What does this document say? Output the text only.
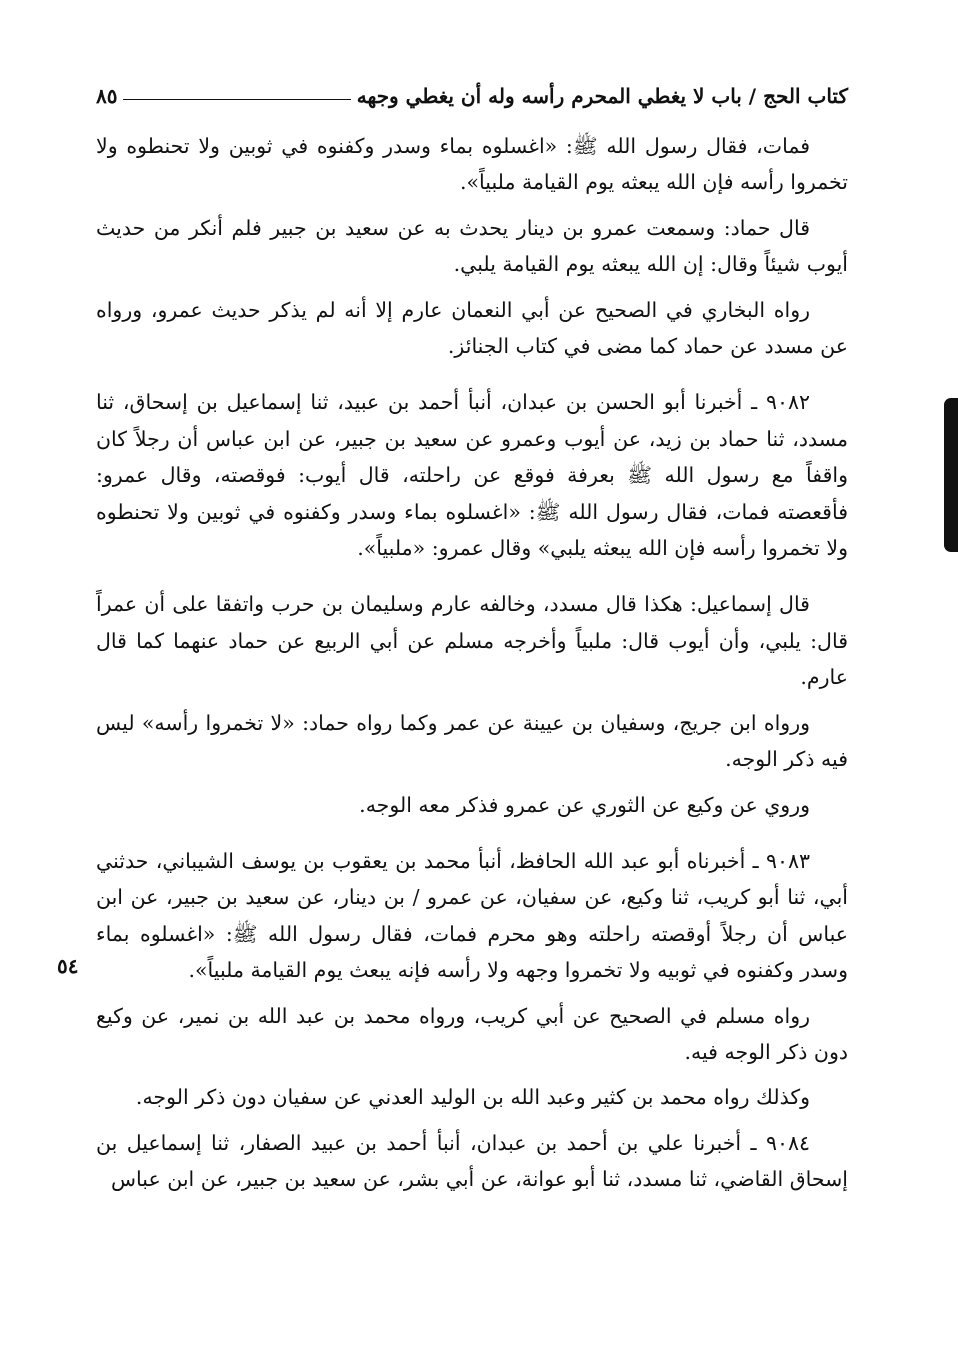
كتاب الحج / باب لا يغطي المحرم رأسه وله أن يغطي وجهه
٨٥
٥٤

فمات، فقال رسول الله ﷺ: «اغسلوه بماء وسدر وكفنوه في ثوبين ولا تحنطوه ولا تخمروا رأسه فإن الله يبعثه يوم القيامة ملبياً».

قال حماد: وسمعت عمرو بن دينار يحدث به عن سعيد بن جبير فلم أنكر من حديث أيوب شيئاً وقال: إن الله يبعثه يوم القيامة يلبي.

رواه البخاري في الصحيح عن أبي النعمان عارم إلا أنه لم يذكر حديث عمرو، ورواه عن مسدد عن حماد كما مضى في كتاب الجنائز.

٩٠٨٢ ـ أخبرنا أبو الحسن بن عبدان، أنبأ أحمد بن عبيد، ثنا إسماعيل بن إسحاق، ثنا مسدد، ثنا حماد بن زيد، عن أيوب وعمرو عن سعيد بن جبير، عن ابن عباس أن رجلاً كان واقفاً مع رسول الله ﷺ بعرفة فوقع عن راحلته، قال أيوب: فوقصته، وقال عمرو: فأقعصته فمات، فقال رسول الله ﷺ: «اغسلوه بماء وسدر وكفنوه في ثوبين ولا تحنطوه ولا تخمروا رأسه فإن الله يبعثه يلبي» وقال عمرو: «ملبياً».

قال إسماعيل: هكذا قال مسدد، وخالفه عارم وسليمان بن حرب واتفقا على أن عمراً قال: يلبي، وأن أيوب قال: ملبياً وأخرجه مسلم عن أبي الربيع عن حماد عنهما كما قال عارم.

ورواه ابن جريج، وسفيان بن عيينة عن عمر وكما رواه حماد: «لا تخمروا رأسه» ليس فيه ذكر الوجه.

وروي عن وكيع عن الثوري عن عمرو فذكر معه الوجه.

٩٠٨٣ ـ أخبرناه أبو عبد الله الحافظ، أنبأ محمد بن يعقوب بن يوسف الشيباني، حدثني أبي، ثنا أبو كريب، ثنا وكيع، عن سفيان، عن عمرو / بن دينار، عن سعيد بن جبير، عن ابن عباس أن رجلاً أوقصته راحلته وهو محرم فمات، فقال رسول الله ﷺ: «اغسلوه بماء وسدر وكفنوه في ثوبيه ولا تخمروا وجهه ولا رأسه فإنه يبعث يوم القيامة ملبياً».

رواه مسلم في الصحيح عن أبي كريب، ورواه محمد بن عبد الله بن نمير، عن وكيع دون ذكر الوجه فيه.

وكذلك رواه محمد بن كثير وعبد الله بن الوليد العدني عن سفيان دون ذكر الوجه.

٩٠٨٤ ـ أخبرنا علي بن أحمد بن عبدان، أنبأ أحمد بن عبيد الصفار، ثنا إسماعيل بن إسحاق القاضي، ثنا مسدد، ثنا أبو عوانة، عن أبي بشر، عن سعيد بن جبير، عن ابن عباس
